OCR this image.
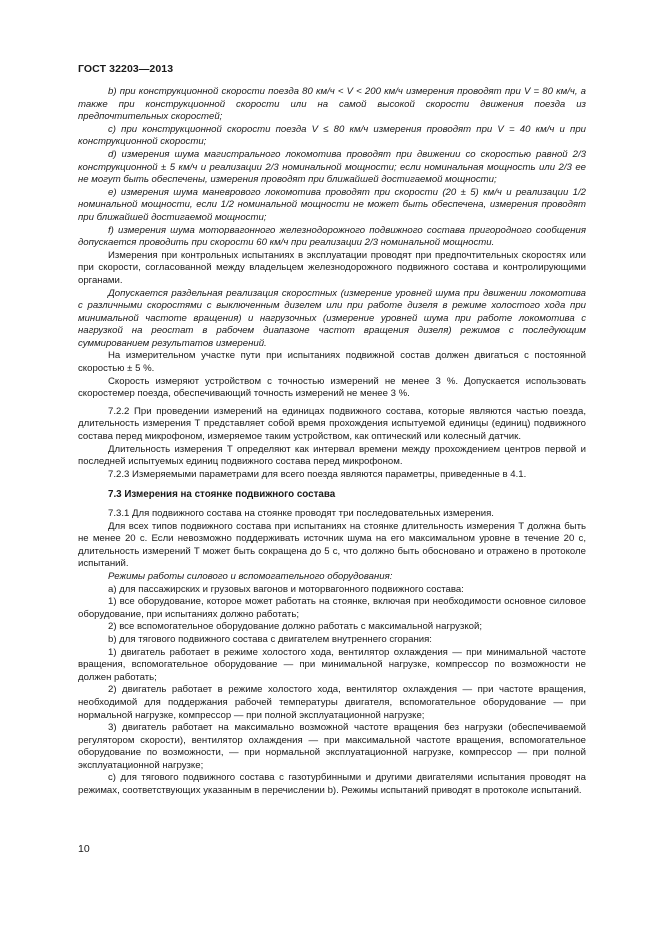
ГОСТ 32203—2013

b) при конструкционной скорости поезда 80 км/ч < V < 200 км/ч измерения проводят при V = 80 км/ч, а также при конструкционной скорости или на самой высокой скорости движения поезда из предпочтительных скоростей;

c) при конструкционной скорости поезда V ≤ 80 км/ч измерения проводят при V = 40 км/ч и при конструкционной скорости;

d) измерения шума магистрального локомотива проводят при движении со скоростью равной 2/3 конструкционной ± 5 км/ч и реализации 2/3 номинальной мощности; если номинальная мощность или 2/3 ее не могут быть обеспечены, измерения проводят при ближайшей достигаемой мощности;

e) измерения шума маневрового локомотива проводят при скорости (20 ± 5) км/ч и реализации 1/2 номинальной мощности, если 1/2 номинальной мощности не может быть обеспечена, измерения проводят при ближайшей достигаемой мощности;

f) измерения шума моторвагонного железнодорожного подвижного состава пригородного сообщения допускается проводить при скорости 60 км/ч при реализации 2/3 номинальной мощности.

Измерения при контрольных испытаниях в эксплуатации проводят при предпочтительных скоростях или при скорости, согласованной между владельцем железнодорожного подвижного состава и контролирующими органами.

Допускается раздельная реализация скоростных (измерение уровней шума при движении локомотива с различными скоростями с выключенным дизелем или при работе дизеля в режиме холостого хода при минимальной частоте вращения) и нагрузочных (измерение уровней шума при работе локомотива с нагрузкой на реостат в рабочем диапазоне частот вращения дизеля) режимов с последующим суммированием результатов измерений.

На измерительном участке пути при испытаниях подвижной состав должен двигаться с постоянной скоростью ± 5 %.

Скорость измеряют устройством с точностью измерений не менее 3 %. Допускается использовать скоростемер поезда, обеспечивающий точность измерений не менее 3 %.

7.2.2 При проведении измерений на единицах подвижного состава, которые являются частью поезда, длительность измерения T представляет собой время прохождения испытуемой единицы (единиц) подвижного состава перед микрофоном, измеряемое таким устройством, как оптический или колесный датчик.

Длительность измерения T определяют как интервал времени между прохождением центров первой и последней испытуемых единиц подвижного состава перед микрофоном.

7.2.3 Измеряемыми параметрами для всего поезда являются параметры, приведенные в 4.1.

7.3 Измерения на стоянке подвижного состава

7.3.1 Для подвижного состава на стоянке проводят три последовательных измерения.

Для всех типов подвижного состава при испытаниях на стоянке длительность измерения T должна быть не менее 20 с. Если невозможно поддерживать источник шума на его максимальном уровне в течение 20 с, длительность измерений T может быть сокращена до 5 с, что должно быть обосновано и отражено в протоколе испытаний.

Режимы работы силового и вспомогательного оборудования:

а) для пассажирских и грузовых вагонов и моторвагонного подвижного состава:

1) все оборудование, которое может работать на стоянке, включая при необходимости основное силовое оборудование, при испытаниях должно работать;

2) все вспомогательное оборудование должно работать с максимальной нагрузкой;

b) для тягового подвижного состава с двигателем внутреннего сгорания:

1) двигатель работает в режиме холостого хода, вентилятор охлаждения — при минимальной частоте вращения, вспомогательное оборудование — при минимальной нагрузке, компрессор по возможности не должен работать;

2) двигатель работает в режиме холостого хода, вентилятор охлаждения — при частоте вращения, необходимой для поддержания рабочей температуры двигателя, вспомогательное оборудование — при нормальной нагрузке, компрессор — при полной эксплуатационной нагрузке;

3) двигатель работает на максимально возможной частоте вращения без нагрузки (обеспечиваемой регулятором скорости), вентилятор охлаждения — при максимальной частоте вращения, вспомогательное оборудование по возможности, — при нормальной эксплуатационной нагрузке, компрессор — при полной эксплуатационной нагрузке;

c) для тягового подвижного состава с газотурбинными и другими двигателями испытания проводят на режимах, соответствующих указанным в перечислении b). Режимы испытаний приводят в протоколе испытаний.

10
